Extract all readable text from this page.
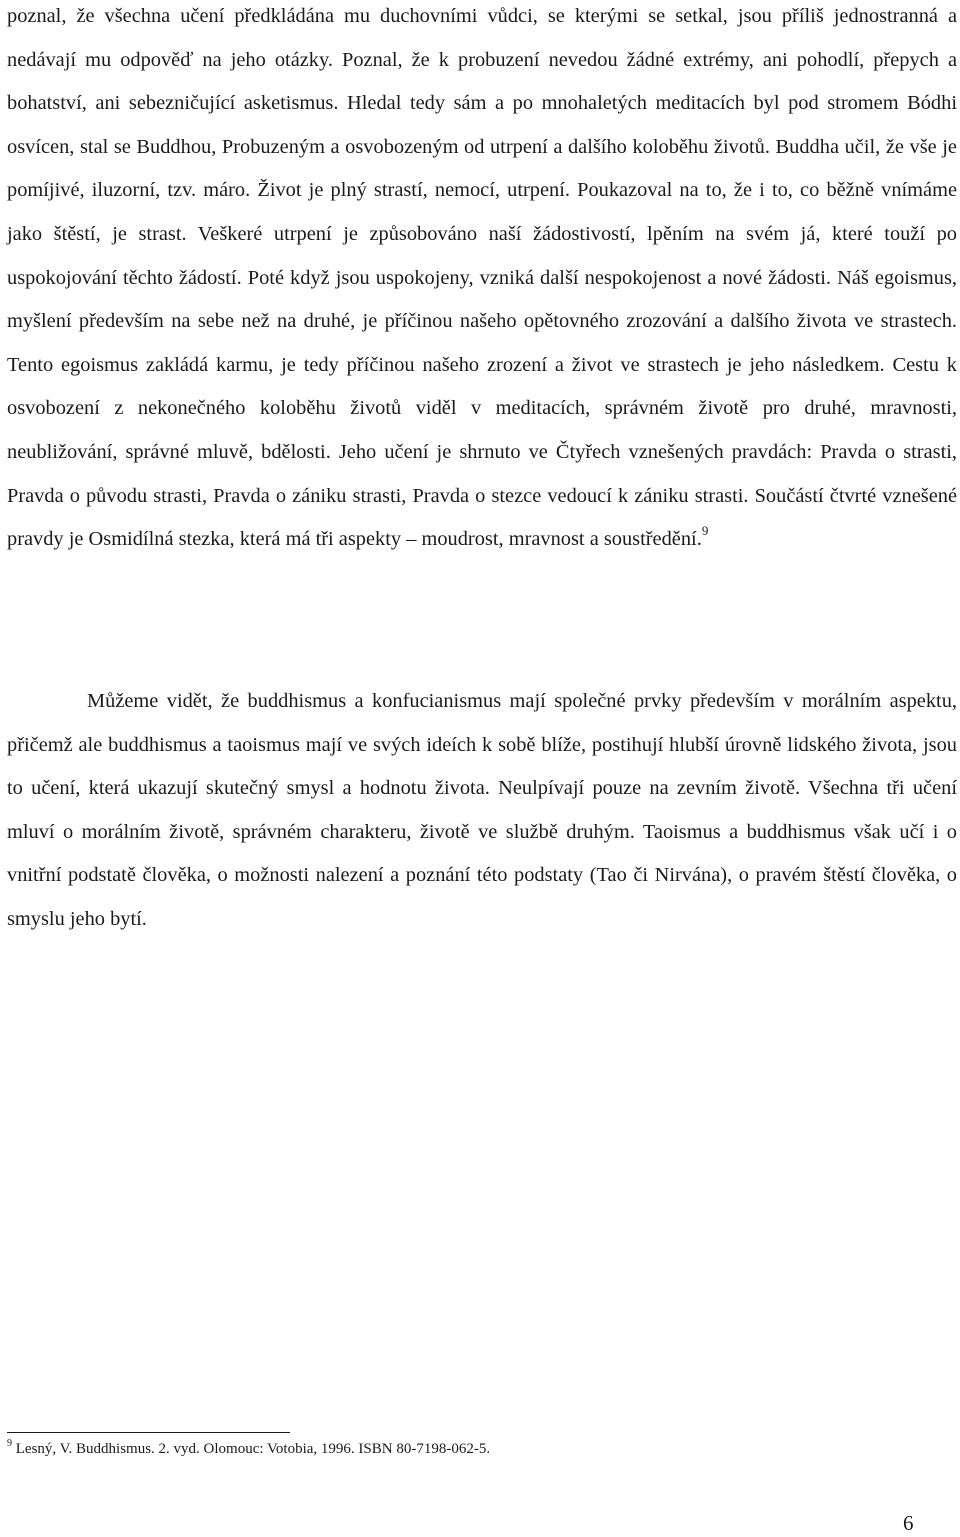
poznal, že všechna učení předkládána mu duchovními vůdci, se kterými se setkal, jsou příliš jednostranná a nedávají mu odpověď na jeho otázky. Poznal, že k probuzení nevedou žádné extrémy, ani pohodlí, přepych a bohatství, ani sebezničující asketismus. Hledal tedy sám a po mnohaletých meditacích byl pod stromem Bódhi osvícen, stal se Buddhou, Probuzeným a osvobozeným od utrpení a dalšího koloběhu životů. Buddha učil, že vše je pomíjivé, iluzorní, tzv. máro. Život je plný strastí, nemocí, utrpení. Poukazoval na to, že i to, co běžně vnímáme jako štěstí, je strast. Veškeré utrpení je způsobováno naší žádostivostí, lpěním na svém já, které touží po uspokojování těchto žádostí. Poté když jsou uspokojeny, vzniká další nespokojenost a nové žádosti. Náš egoismus, myšlení především na sebe než na druhé, je příčinou našeho opětovného zrozování a dalšího života ve strastech. Tento egoismus zakládá karmu, je tedy příčinou našeho zrození a život ve strastech je jeho následkem. Cestu k osvobození z nekonečného koloběhu životů viděl v meditacích, správném životě pro druhé, mravnosti, neubližování, správné mluvě, bdělosti. Jeho učení je shrnuto ve Čtyřech vznešených pravdách: Pravda o strasti, Pravda o původu strasti, Pravda o zániku strasti, Pravda o stezce vedoucí k zániku strasti. Součástí čtvrté vznešené pravdy je Osmidílná stezka, která má tři aspekty – moudrost, mravnost a soustředění.$^9$

Můžeme vidět, že buddhismus a konfucianismus mají společné prvky především v morálním aspektu, přičemž ale buddhismus a taoismus mají ve svých ideích k sobě blíže, postihují hlubší úrovně lidského života, jsou to učení, která ukazují skutečný smysl a hodnotu života. Neulpívají pouze na zevním životě. Všechna tři učení mluví o morálním životě, správném charakteru, životě ve službě druhým. Taoismus a buddhismus však učí i o vnitřní podstatě člověka, o možnosti nalezení a poznání této podstaty (Tao či Nirvána), o pravém štěstí člověka, o smyslu jeho bytí.

$^9$ Lesný, V. Buddhismus. 2. vyd. Olomouc: Votobia, 1996. ISBN 80-7198-062-5.

6
